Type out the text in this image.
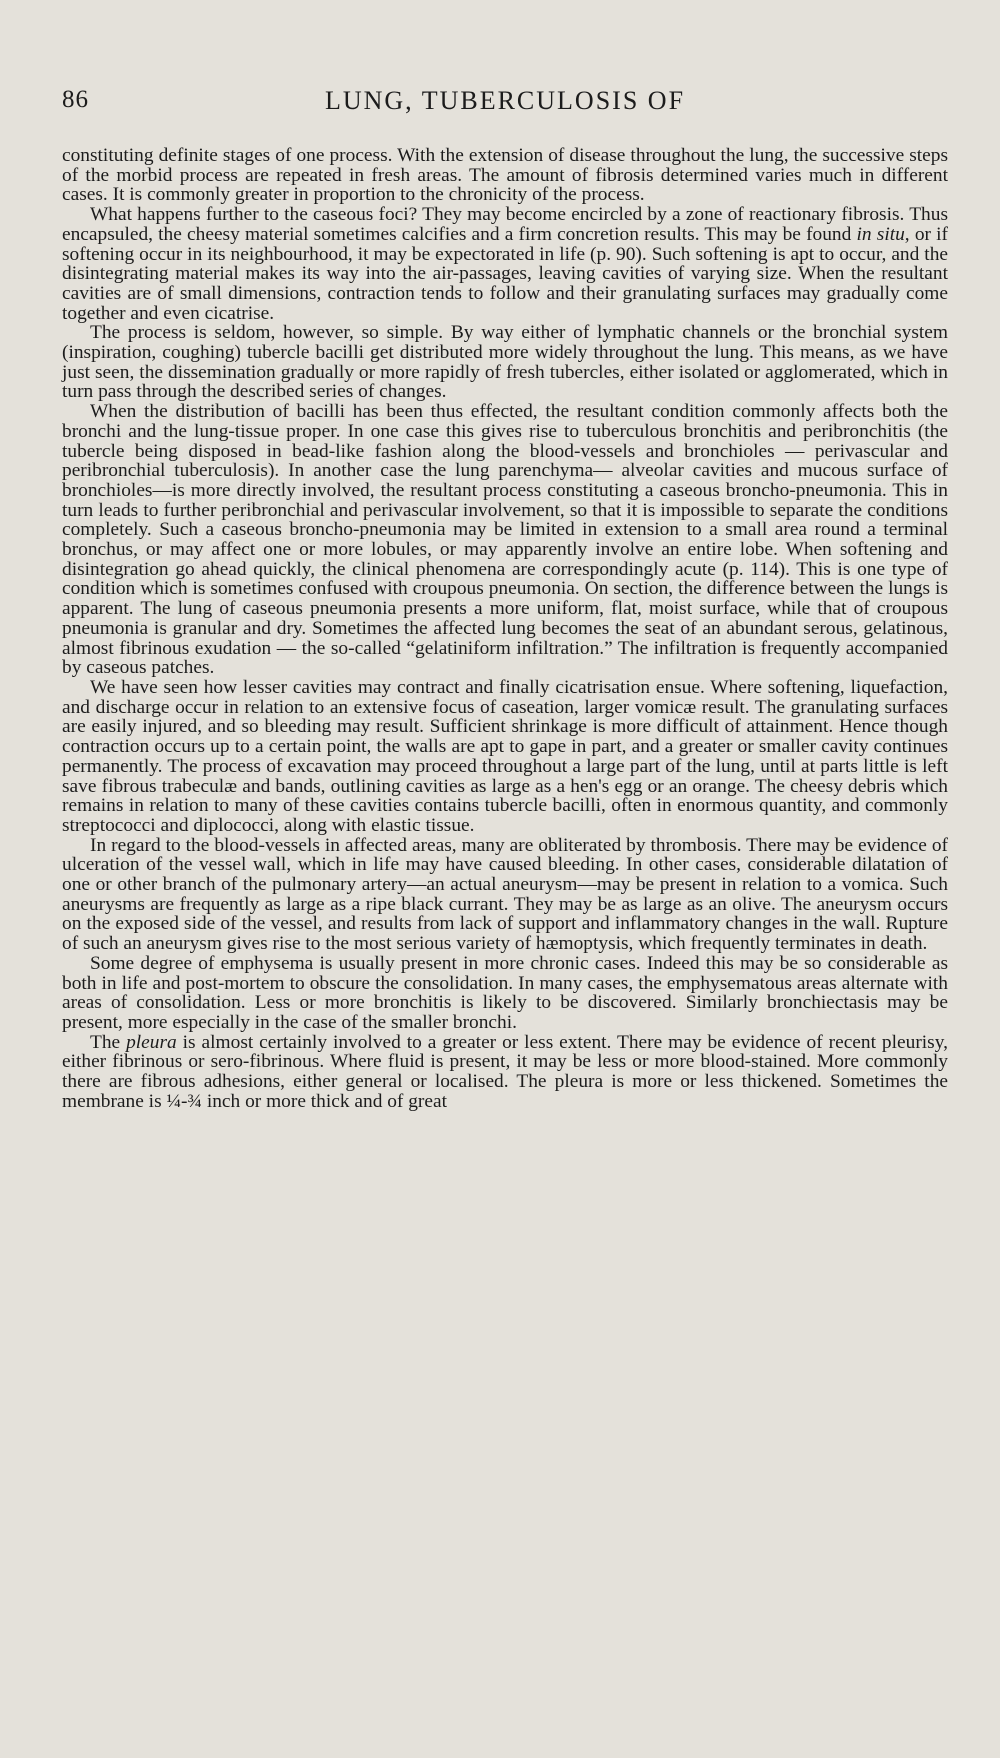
86	LUNG, TUBERCULOSIS OF

constituting definite stages of one process. With the extension of disease throughout the lung, the successive steps of the morbid process are repeated in fresh areas. The amount of fibrosis determined varies much in different cases. It is commonly greater in proportion to the chronicity of the process.

What happens further to the caseous foci? They may become encircled by a zone of reactionary fibrosis. Thus encapsuled, the cheesy material sometimes calcifies and a firm concretion results. This may be found in situ, or if softening occur in its neighbourhood, it may be expectorated in life (p. 90). Such softening is apt to occur, and the disintegrating material makes its way into the air-passages, leaving cavities of varying size. When the resultant cavities are of small dimensions, contraction tends to follow and their granulating surfaces may gradually come together and even cicatrise.

The process is seldom, however, so simple. By way either of lymphatic channels or the bronchial system (inspiration, coughing) tubercle bacilli get distributed more widely throughout the lung. This means, as we have just seen, the dissemination gradually or more rapidly of fresh tubercles, either isolated or agglomerated, which in turn pass through the described series of changes.

When the distribution of bacilli has been thus effected, the resultant condition commonly affects both the bronchi and the lung-tissue proper. In one case this gives rise to tuberculous bronchitis and peribronchitis (the tubercle being disposed in bead-like fashion along the blood-vessels and bronchioles — perivascular and peribronchial tuberculosis). In another case the lung parenchyma— alveolar cavities and mucous surface of bronchioles—is more directly involved, the resultant process constituting a caseous broncho-pneumonia. This in turn leads to further peribronchial and perivascular involvement, so that it is impossible to separate the conditions completely. Such a caseous broncho-pneumonia may be limited in extension to a small area round a terminal bronchus, or may affect one or more lobules, or may apparently involve an entire lobe. When softening and disintegration go ahead quickly, the clinical phenomena are correspondingly acute (p. 114). This is one type of condition which is sometimes confused with croupous pneumonia. On section, the difference between the lungs is apparent. The lung of caseous pneumonia presents a more uniform, flat, moist surface, while that of croupous pneumonia is granular and dry. Sometimes the affected lung becomes the seat of an abundant serous, gelatinous, almost fibrinous exudation — the so-called “gelatiniform infiltration.” The infiltration is frequently accompanied by caseous patches.

We have seen how lesser cavities may contract and finally cicatrisation ensue. Where softening, liquefaction, and discharge occur in relation to an extensive focus of caseation, larger vomicæ result. The granulating surfaces are easily injured, and so bleeding may result. Sufficient shrinkage is more difficult of attainment. Hence though contraction occurs up to a certain point, the walls are apt to gape in part, and a greater or smaller cavity continues permanently. The process of excavation may proceed throughout a large part of the lung, until at parts little is left save fibrous trabeculæ and bands, outlining cavities as large as a hen's egg or an orange. The cheesy debris which remains in relation to many of these cavities contains tubercle bacilli, often in enormous quantity, and commonly streptococci and diplococci, along with elastic tissue.

In regard to the blood-vessels in affected areas, many are obliterated by thrombosis. There may be evidence of ulceration of the vessel wall, which in life may have caused bleeding. In other cases, considerable dilatation of one or other branch of the pulmonary artery—an actual aneurysm—may be present in relation to a vomica. Such aneurysms are frequently as large as a ripe black currant. They may be as large as an olive. The aneurysm occurs on the exposed side of the vessel, and results from lack of support and inflammatory changes in the wall. Rupture of such an aneurysm gives rise to the most serious variety of hæmoptysis, which frequently terminates in death.

Some degree of emphysema is usually present in more chronic cases. Indeed this may be so considerable as both in life and post-mortem to obscure the consolidation. In many cases, the emphysematous areas alternate with areas of consolidation. Less or more bronchitis is likely to be discovered. Similarly bronchiectasis may be present, more especially in the case of the smaller bronchi.

The pleura is almost certainly involved to a greater or less extent. There may be evidence of recent pleurisy, either fibrinous or sero-fibrinous. Where fluid is present, it may be less or more blood-stained. More commonly there are fibrous adhesions, either general or localised. The pleura is more or less thickened. Sometimes the membrane is ¼-¾ inch or more thick and of great
